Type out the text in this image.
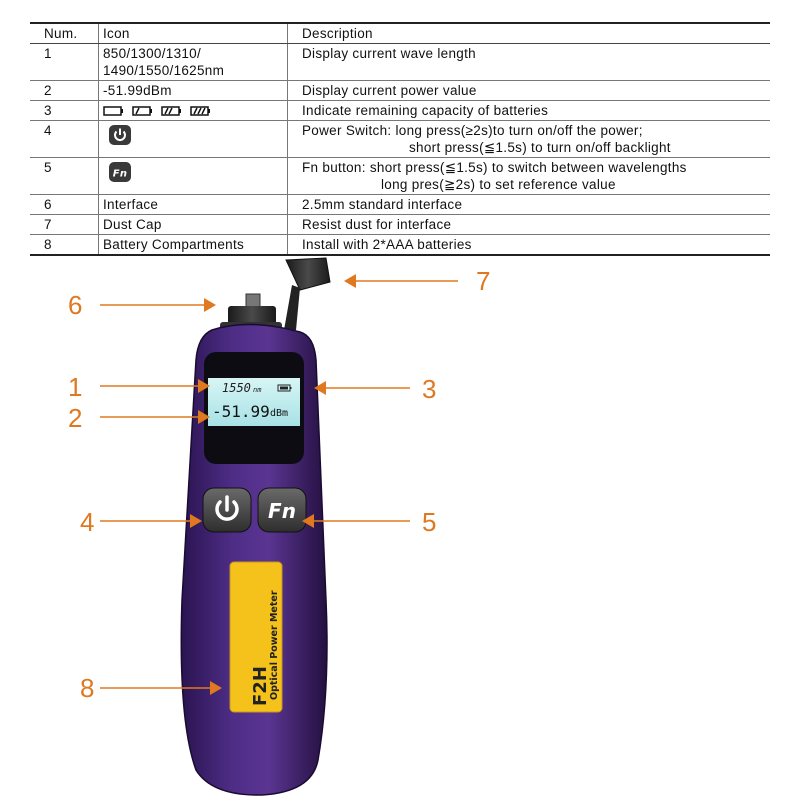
Num.	Icon	Description
1	850/1300/1310/
1490/1550/1625nm	Display current wave length
2	-51.99dBm	Display current power value
3		Indicate remaining capacity of batteries
4		Power Switch: long press(≥2s)to turn on/off the power;
short press(≦1.5s) to turn on/off backlight

5	Fn	Fn button: short press(≦1.5s) to switch between wavelengths
long pres(≧2s) to set reference value

6	Interface	2.5mm standard interface
7	Dust Cap	Resist dust for interface
8	Battery Compartments	Install with 2*AAA batteries
1550 nm
-51.99 dBm
Fn
F2H
Optical Power Meter
6
1
2
4
8
3
5
7
